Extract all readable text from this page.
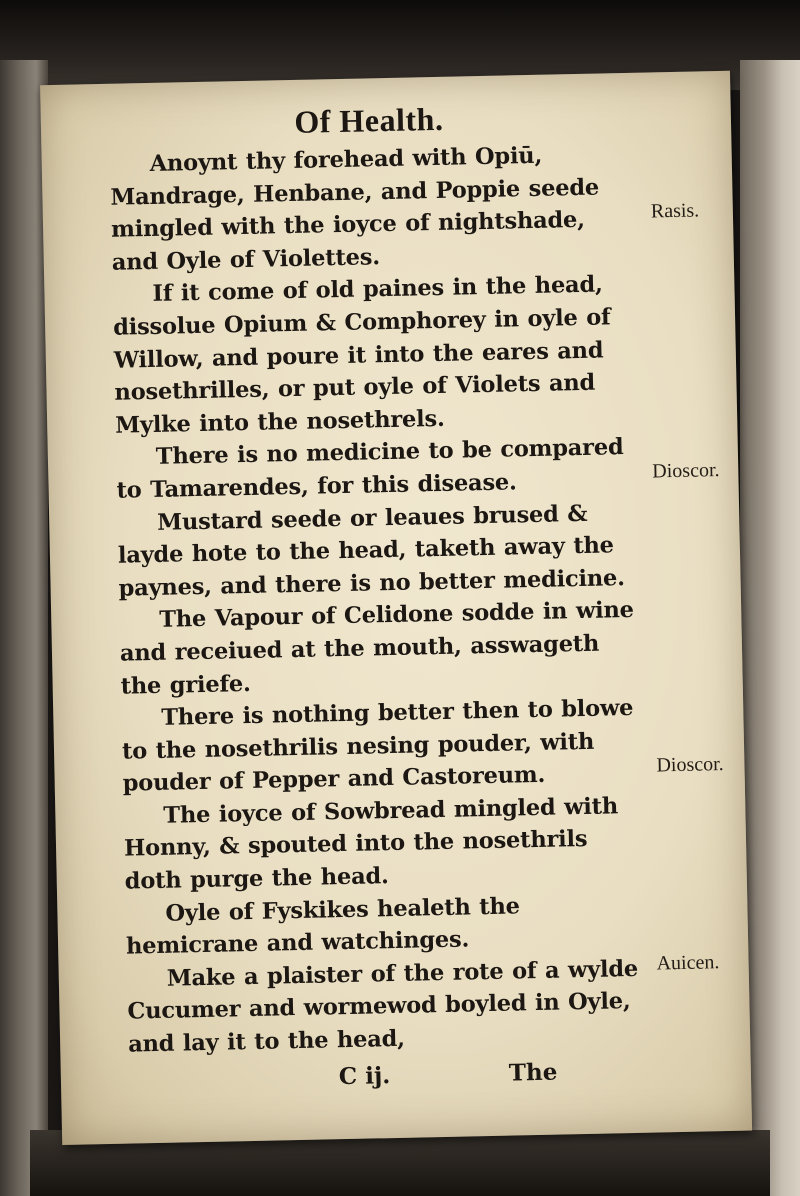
Of Health.

Anoynt thy forehead with Opiū, Mandrage, Henbane, and Poppie seede mingled with the ioyce of nightshade, and Oyle of Violettes.

If it come of old paines in the head, dissolue Opium & Comphorey in oyle of Willow, and poure it into the eares and nosethrilles, or put oyle of Violets and Mylke into the nosethrels.

There is no medicine to be compared to Tamarendes, for this disease.

Mustard seede or leaues brused & layde hote to the head, taketh away the paynes, and there is no better medicine.

The Vapour of Celidone sodde in wine and receiued at the mouth, asswageth the griefe.

There is nothing better then to blowe to the nosethrilis nesing pouder, with pouder of Pepper and Castoreum.

The ioyce of Sowbread mingled with Honny, & spouted into the nosethrils doth purge the head.

Oyle of Fyskikes healeth the hemicrane and watchinges.

Make a plaister of the rote of a wylde Cucumer and wormewod boyled in Oyle, and lay it to the head,

C ij.	The
Rasis.
Dioscor.
Dioscor.
Auicen.
